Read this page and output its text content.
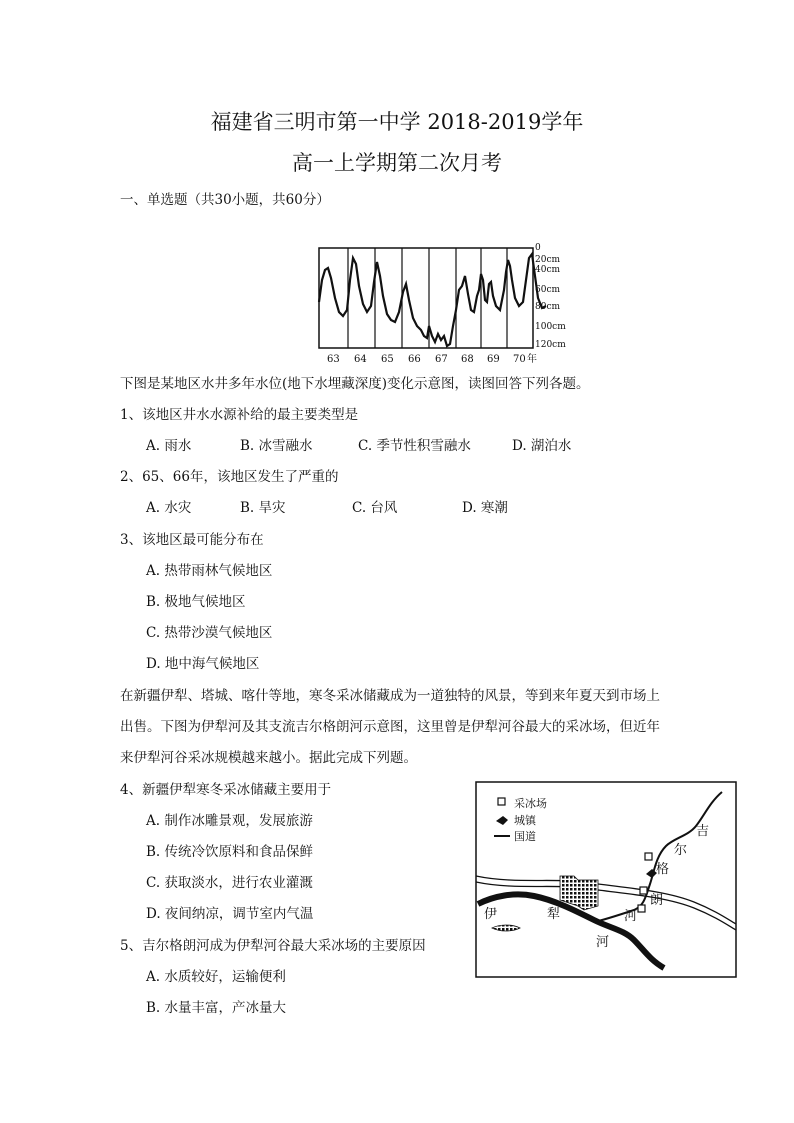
福建省三明市第一中学 2018-2019学年
高一上学期第二次月考
一、单选题（共30小题，共60分）
0
20cm
40cm
60cm
80cm
100cm
120cm
63 64 65 66 67 68 69 70 年
下图是某地区水井多年水位(地下水埋藏深度)变化示意图，读图回答下列各题。
1、该地区井水水源补给的最主要类型是
A. 雨水	B. 冰雪融水	C. 季节性积雪融水	D. 湖泊水
2、65、66年，该地区发生了严重的
A. 水灾	B. 旱灾	C. 台风	D. 寒潮
3、该地区最可能分布在
A. 热带雨林气候地区
B. 极地气候地区
C. 热带沙漠气候地区
D. 地中海气候地区
在新疆伊犁、塔城、喀什等地，寒冬采冰储藏成为一道独特的风景，等到来年夏天到市场上
出售。下图为伊犁河及其支流吉尔格朗河示意图，这里曾是伊犁河谷最大的采冰场，但近年
来伊犁河谷采冰规模越来越小。据此完成下列题。
4、新疆伊犁寒冬采冰储藏主要用于
A. 制作冰雕景观，发展旅游
B. 传统冷饮原料和食品保鲜
C. 获取淡水，进行农业灌溉
D. 夜间纳凉，调节室内气温
5、吉尔格朗河成为伊犁河谷最大采冰场的主要原因
A. 水质较好，运输便利
B. 水量丰富，产冰量大
采冰场
城镇
国道	吉
尔
格
朗
河
伊	犁
河
